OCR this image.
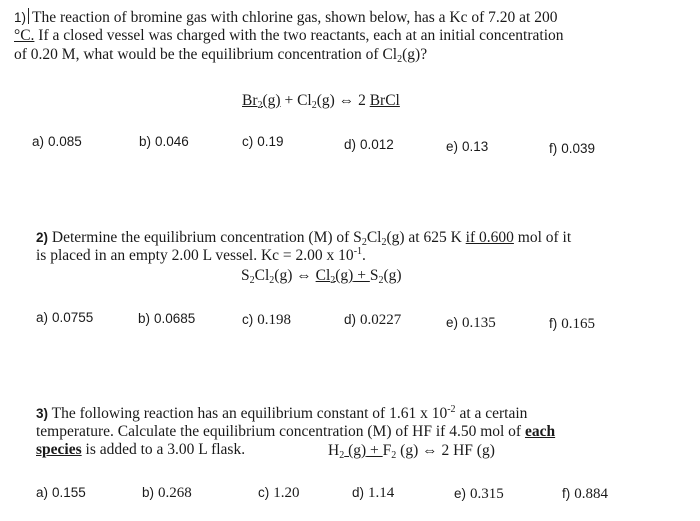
1) The reaction of bromine gas with chlorine gas, shown below, has a Kc of 7.20 at 200
°C. If a closed vessel was charged with the two reactants, each at an initial concentration
of 0.20 M, what would be the equilibrium concentration of $Cl_2(g)$?
$Br_2(g) + Cl_2(g)$ ⇔ 2 BrCl
a) 0.085	b) 0.046	c) 0.19	d) 0.012	e) 0.13	f) 0.039
2) Determine the equilibrium concentration (M) of $S_2Cl_2(g)$ at 625 K if 0.600 mol of it
is placed in an empty 2.00 L vessel. Kc = 2.00 x $10^{-1}$.
$S_2Cl_2(g)$ ⇔ $Cl_2(g) + S_2(g)$
a) 0.0755	b) 0.0685	c) 0.198	d) 0.0227	e) 0.135	f) 0.165
3) The following reaction has an equilibrium constant of 1.61 x $10^{-2}$ at a certain
temperature. Calculate the equilibrium concentration (M) of HF if 4.50 mol of each
species is added to a 3.00 L flask.	$H_2$ $(g) + F_2$ (g) ⇔ 2 HF (g)
a) 0.155	b) 0.268	c) 1.20	d) 1.14	e) 0.315	f) 0.884
